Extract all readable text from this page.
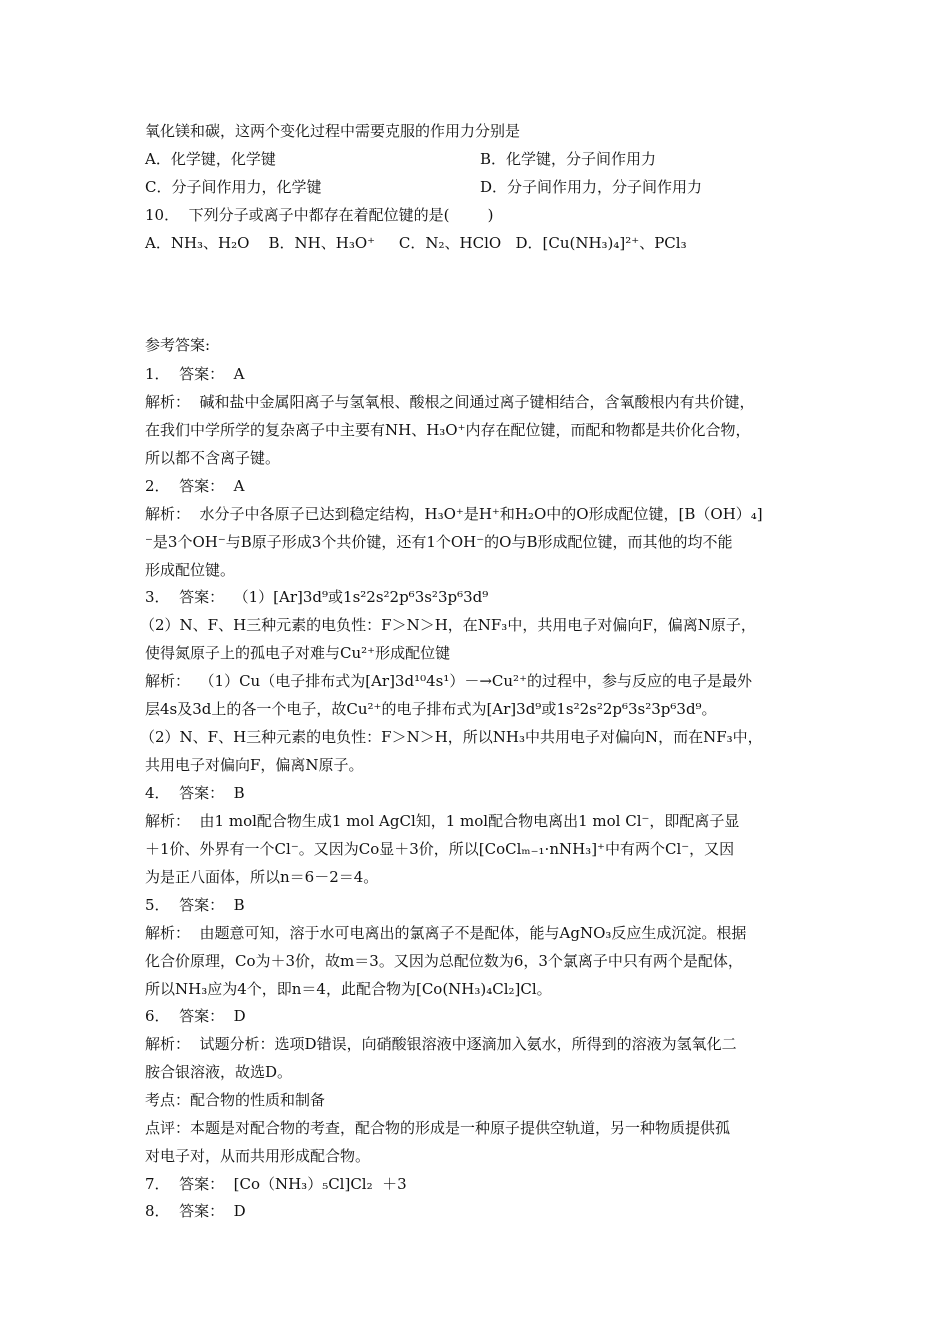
氧化镁和碳，这两个变化过程中需要克服的作用力分别是
A．化学键，化学键	B．化学键，分子间作用力
C．分子间作用力，化学键	D．分子间作用力，分子间作用力
10．  下列分子或离子中都存在着配位键的是(        )
A．NH₃、H₂O    B．NH、H₃O⁺     C．N₂、HClO   D．[Cu(NH₃)₄]²⁺、PCl₃
参考答案:
1．  答案：  A
解析：  碱和盐中金属阳离子与氢氧根、酸根之间通过离子键相结合，含氧酸根内有共价键，
在我们中学所学的复杂离子中主要有NH、H₃O⁺内存在配位键，而配和物都是共价化合物，
所以都不含离子键。
2．  答案：  A
解析：  水分子中各原子已达到稳定结构，H₃O⁺是H⁺和H₂O中的O形成配位键，[B（OH）₄]
⁻是3个OH⁻与B原子形成3个共价键，还有1个OH⁻的O与B形成配位键，而其他的均不能
形成配位键。
3．  答案：  （1）[Ar]3d⁹或1s²2s²2p⁶3s²3p⁶3d⁹
（2）N、F、H三种元素的电负性：F＞N＞H，在NF₃中，共用电子对偏向F，偏离N原子，
使得氮原子上的孤电子对难与Cu²⁺形成配位键
解析：  （1）Cu（电子排布式为[Ar]3d¹⁰4s¹）－→Cu²⁺的过程中，参与反应的电子是最外
层4s及3d上的各一个电子，故Cu²⁺的电子排布式为[Ar]3d⁹或1s²2s²2p⁶3s²3p⁶3d⁹。
（2）N、F、H三种元素的电负性：F＞N＞H，所以NH₃中共用电子对偏向N，而在NF₃中，
共用电子对偏向F，偏离N原子。
4．  答案：  B
解析：  由1 mol配合物生成1 mol AgCl知，1 mol配合物电离出1 mol Cl⁻，即配离子显
＋1价、外界有一个Cl⁻。又因为Co显＋3价，所以[CoClₘ₋₁·nNH₃]⁺中有两个Cl⁻，又因
为是正八面体，所以n＝6－2＝4。
5．  答案：  B
解析：  由题意可知，溶于水可电离出的氯离子不是配体，能与AgNO₃反应生成沉淀。根据
化合价原理，Co为＋3价，故m＝3。又因为总配位数为6，3个氯离子中只有两个是配体，
所以NH₃应为4个，即n＝4，此配合物为[Co(NH₃)₄Cl₂]Cl。
6．  答案：  D
解析：  试题分析：选项D错误，向硝酸银溶液中逐滴加入氨水，所得到的溶液为氢氧化二
胺合银溶液，故选D。
考点：配合物的性质和制备
点评：本题是对配合物的考查，配合物的形成是一种原子提供空轨道，另一种物质提供孤
对电子对，从而共用形成配合物。
7．  答案：  [Co（NH₃）₅Cl]Cl₂  ＋3
8．  答案：  D
